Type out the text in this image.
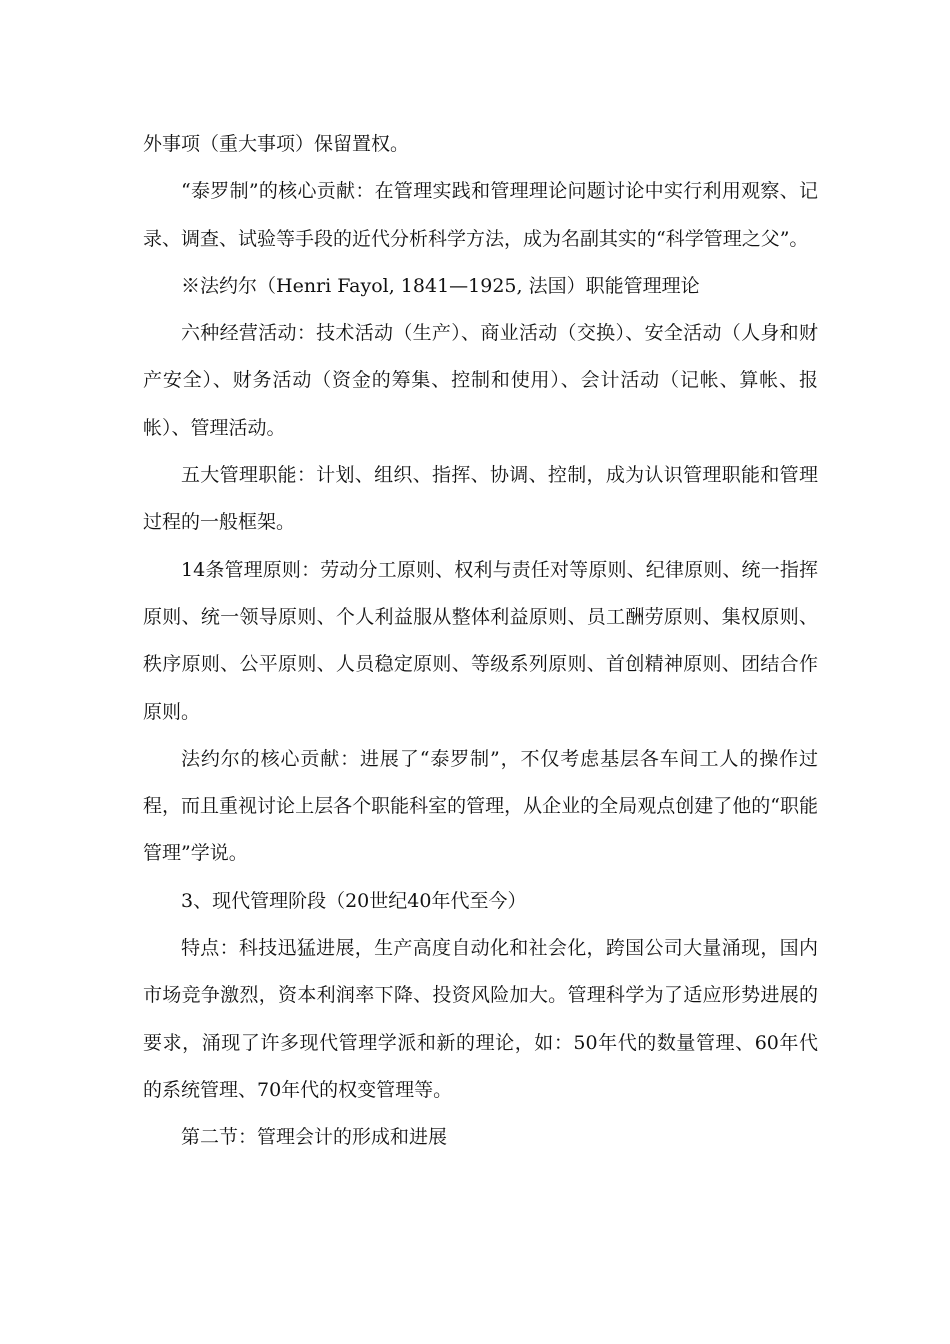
外事项（重大事项）保留置权。

“泰罗制”的核心贡献：在管理实践和管理理论问题讨论中实行利用观察、记录、调查、试验等手段的近代分析科学方法，成为名副其实的“科学管理之父”。

※法约尔（Henri Fayol, 1841—1925, 法国）职能管理理论

六种经营活动：技术活动（生产）、商业活动（交换）、安全活动（人身和财产安全）、财务活动（资金的筹集、控制和使用）、会计活动（记帐、算帐、报帐）、管理活动。

五大管理职能：计划、组织、指挥、协调、控制，成为认识管理职能和管理过程的一般框架。

14条管理原则：劳动分工原则、权利与责任对等原则、纪律原则、统一指挥原则、统一领导原则、个人利益服从整体利益原则、员工酬劳原则、集权原则、秩序原则、公平原则、人员稳定原则、等级系列原则、首创精神原则、团结合作原则。

法约尔的核心贡献：进展了“泰罗制”，不仅考虑基层各车间工人的操作过程，而且重视讨论上层各个职能科室的管理，从企业的全局观点创建了他的“职能管理”学说。

3、现代管理阶段（20世纪40年代至今）

特点：科技迅猛进展，生产高度自动化和社会化，跨国公司大量涌现，国内市场竞争激烈，资本利润率下降、投资风险加大。管理科学为了适应形势进展的要求，涌现了许多现代管理学派和新的理论，如：50年代的数量管理、60年代 的系统管理、70年代的权变管理等。

第二节：管理会计的形成和进展
